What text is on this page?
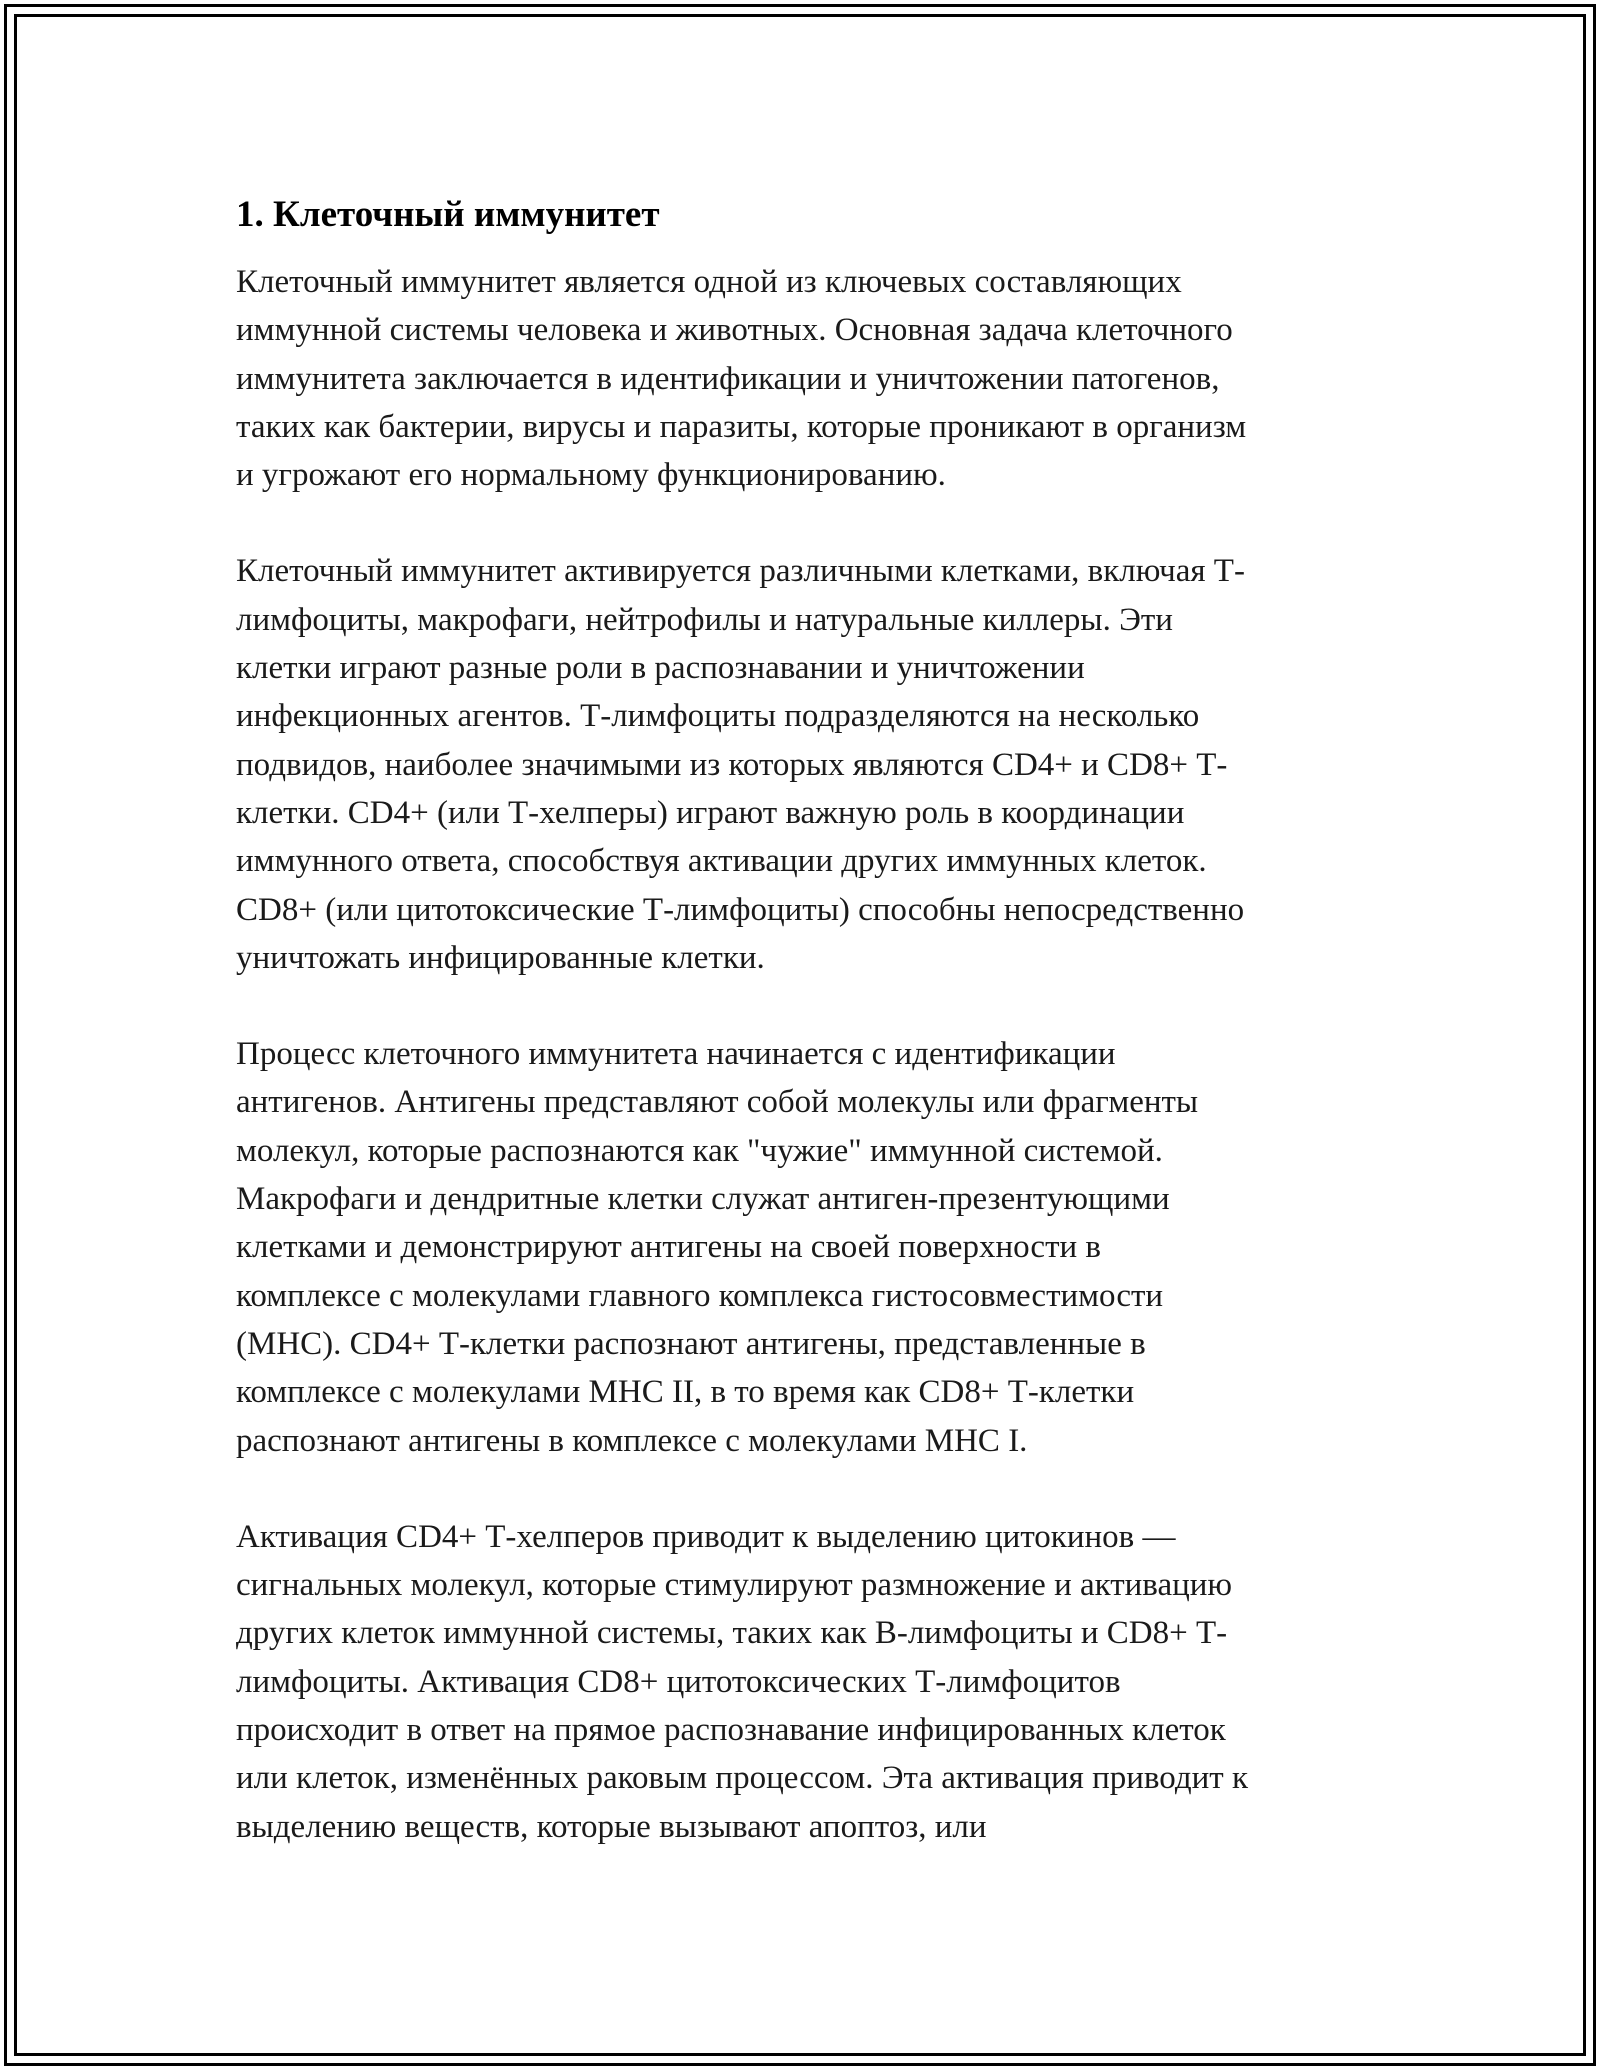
1. Клеточный иммунитет

Клеточный иммунитет является одной из ключевых составляющих
иммунной системы человека и животных. Основная задача клеточного
иммунитета заключается в идентификации и уничтожении патогенов,
таких как бактерии, вирусы и паразиты, которые проникают в организм
и угрожают его нормальному функционированию.

Клеточный иммунитет активируется различными клетками, включая Т-
лимфоциты, макрофаги, нейтрофилы и натуральные киллеры. Эти
клетки играют разные роли в распознавании и уничтожении
инфекционных агентов. Т-лимфоциты подразделяются на несколько
подвидов, наиболее значимыми из которых являются CD4+ и CD8+ Т-
клетки. CD4+ (или Т-хелперы) играют важную роль в координации
иммунного ответа, способствуя активации других иммунных клеток.
CD8+ (или цитотоксические Т-лимфоциты) способны непосредственно
уничтожать инфицированные клетки.

Процесс клеточного иммунитета начинается с идентификации
антигенов. Антигены представляют собой молекулы или фрагменты
молекул, которые распознаются как "чужие" иммунной системой.
Макрофаги и дендритные клетки служат антиген-презентующими
клетками и демонстрируют антигены на своей поверхности в
комплексе с молекулами главного комплекса гистосовместимости
(MHC). CD4+ Т-клетки распознают антигены, представленные в
комплексе с молекулами MHC II, в то время как CD8+ Т-клетки
распознают антигены в комплексе с молекулами MHC I.

Активация CD4+ Т-хелперов приводит к выделению цитокинов —
сигнальных молекул, которые стимулируют размножение и активацию
других клеток иммунной системы, таких как В-лимфоциты и CD8+ Т-
лимфоциты. Активация CD8+ цитотоксических Т-лимфоцитов
происходит в ответ на прямое распознавание инфицированных клеток
или клеток, изменённых раковым процессом. Эта активация приводит к
выделению веществ, которые вызывают апоптоз, или
